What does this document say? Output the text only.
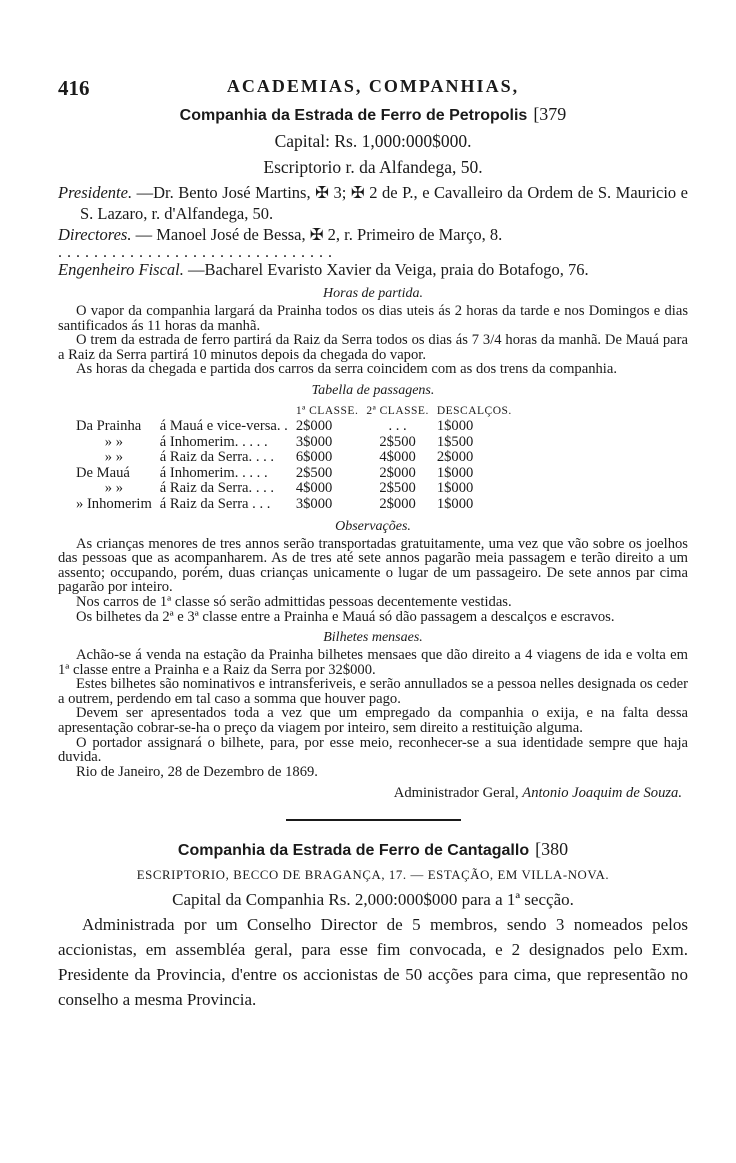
416	ACADEMIAS, COMPANHIAS,
Companhia da Estrada de Ferro de Petropolis [379
Capital: Rs. 1,000:000$000.
Escriptorio r. da Alfandega, 50.
Presidente. —Dr. Bento José Martins, ✠ 3; ✠ 2 de P., e Cavalleiro da Ordem de S. Mauricio e S. Lazaro, r. d'Alfandega, 50.
Directores. — Manoel José de Bessa, ✠ 2, r. Primeiro de Março, 8.
...............................
Engenheiro Fiscal. —Bacharel Evaristo Xavier da Veiga, praia do Botafogo, 76.
Horas de partida.

O vapor da companhia largará da Prainha todos os dias uteis ás 2 horas da tarde e nos Domingos e dias santificados ás 11 horas da manhã.

O trem da estrada de ferro partirá da Raiz da Serra todos os dias ás 7 3/4 horas da manhã. De Mauá para a Raiz da Serra partirá 10 minutos depois da chegada do vapor.

As horas da chegada e partida dos carros da serra coincidem com as dos trens da companhia.

Tabella de passagens.
		1ª CLASSE.	2ª CLASSE.	DESCALÇOS.
Da Prainha	á Mauá e vice-versa. .	2$000	. . .	1$000
» »	á Inhomerim. . . . .	3$000	2$500	1$500
» »	á Raiz da Serra. . . .	6$000	4$000	2$000
De Mauá	á Inhomerim. . . . .	2$500	2$000	1$000
» »	á Raiz da Serra. . . .	4$000	2$500	1$000
» Inhomerim	á Raiz da Serra . . .	3$000	2$000	1$000
Observações.

As crianças menores de tres annos serão transportadas gratuitamente, uma vez que vão sobre os joelhos das pessoas que as acompanharem. As de tres até sete annos pagarão meia passagem e terão direito a um assento; occupando, porém, duas crianças unicamente o lugar de um passageiro. De sete annos par cima pagarão por inteiro.

Nos carros de 1ª classe só serão admittidas pessoas decentemente vestidas.

Os bilhetes da 2ª e 3ª classe entre a Prainha e Mauá só dão passagem a descalços e escravos.

Bilhetes mensaes.

Achão-se á venda na estação da Prainha bilhetes mensaes que dão direito a 4 viagens de ida e volta em 1ª classe entre a Prainha e a Raiz da Serra por 32$000.

Estes bilhetes são nominativos e intransferiveis, e serão annullados se a pessoa nelles designada os ceder a outrem, perdendo em tal caso a somma que houver pago.

Devem ser apresentados toda a vez que um empregado da companhia o exija, e na falta dessa apresentação cobrar-se-ha o preço da viagem por inteiro, sem direito a restituição alguma.

O portador assignará o bilhete, para, por esse meio, reconhecer-se a sua identidade sempre que haja duvida.

Rio de Janeiro, 28 de Dezembro de 1869.

Administrador Geral, Antonio Joaquim de Souza.
Companhia da Estrada de Ferro de Cantagallo [380
ESCRIPTORIO, BECCO DE BRAGANÇA, 17. — ESTAÇÃO, EM VILLA-NOVA.
Capital da Companhia Rs. 2,000:000$000 para a 1ª secção.
Administrada por um Conselho Director de 5 membros, sendo 3 nomeados pelos accionistas, em assembléa geral, para esse fim convocada, e 2 designados pelo Exm. Presidente da Provincia, d'entre os accionistas de 50 acções para cima, que representão no conselho a mesma Provincia.
